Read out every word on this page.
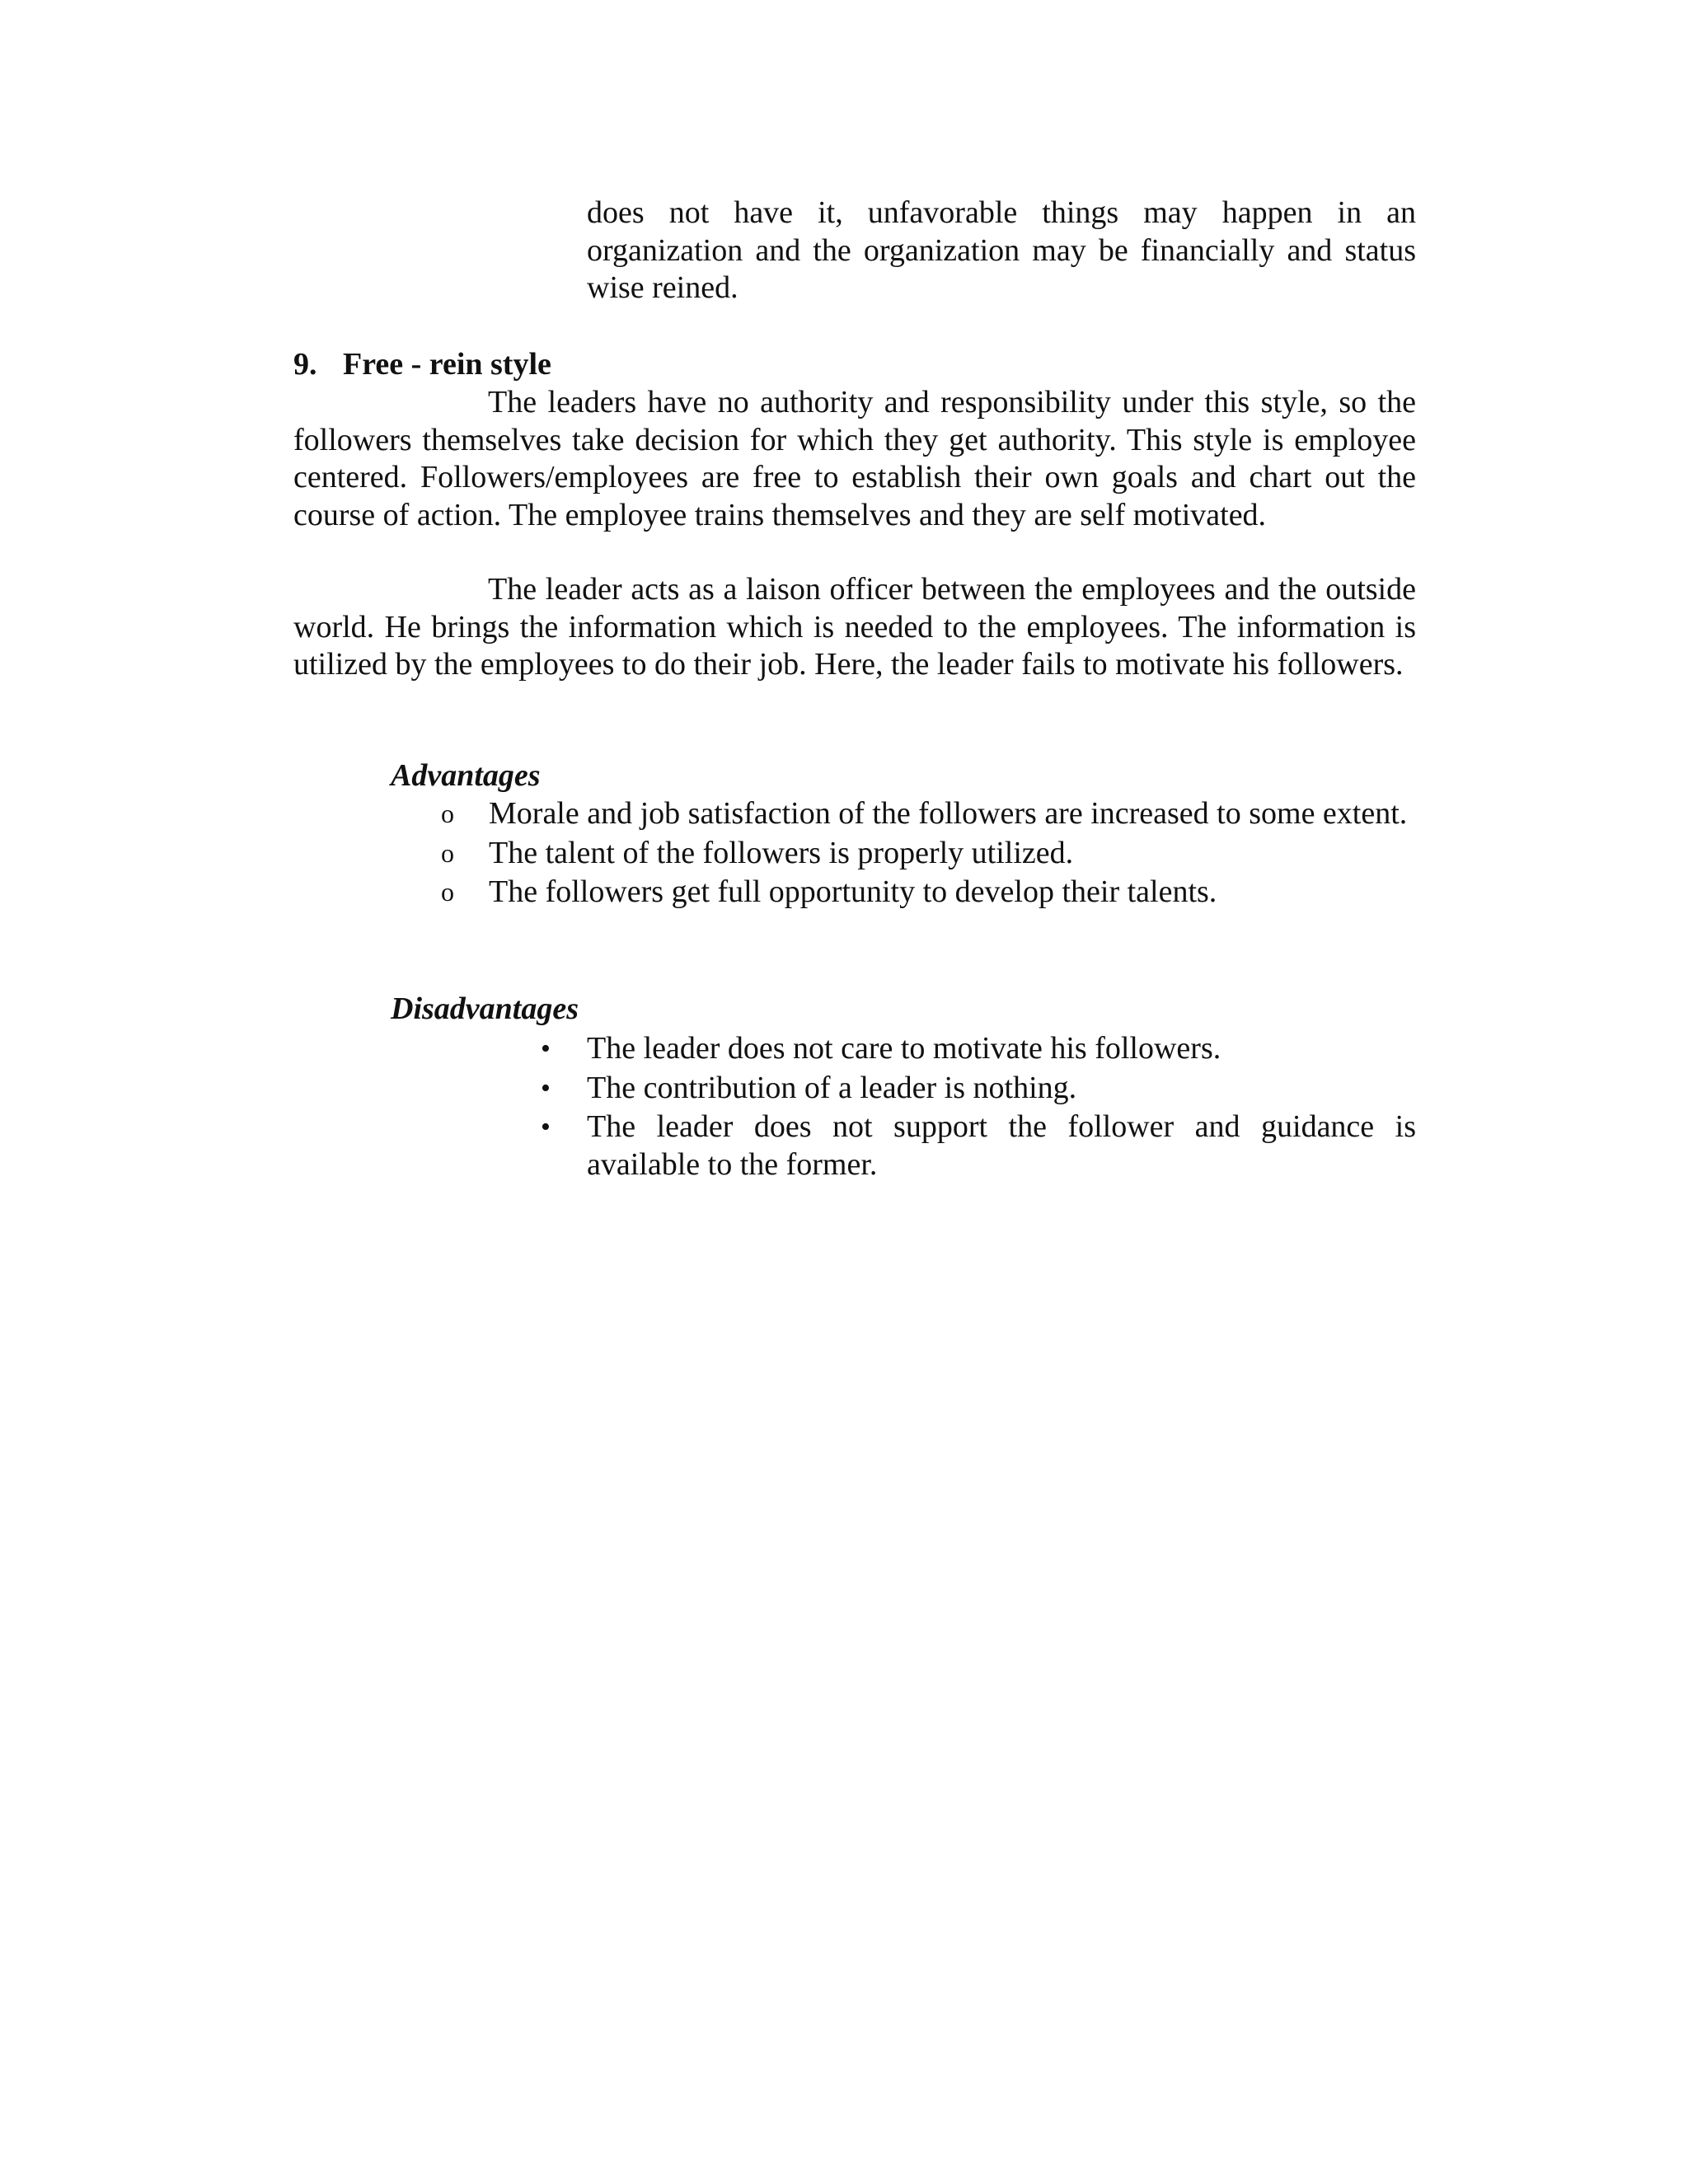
does not have it, unfavorable things may happen in an organization and the organization may be financially and status wise reined.
9. Free - rein style
The leaders have no authority and responsibility under this style, so the followers themselves take decision for which they get authority. This style is employee centered. Followers/employees are free to establish their own goals and chart out the course of action. The employee trains themselves and they are self motivated.
The leader acts as a laison officer between the employees and the outside world. He brings the information which is needed to the employees. The information is utilized by the employees to do their job. Here, the leader fails to motivate his followers.
Advantages
o Morale and job satisfaction of the followers are increased to some extent.
o The talent of the followers is properly utilized.
o The followers get full opportunity to develop their talents.
Disadvantages
• The leader does not care to motivate his followers.
• The contribution of a leader is nothing.
• The leader does not support the follower and guidance is available to the former.
